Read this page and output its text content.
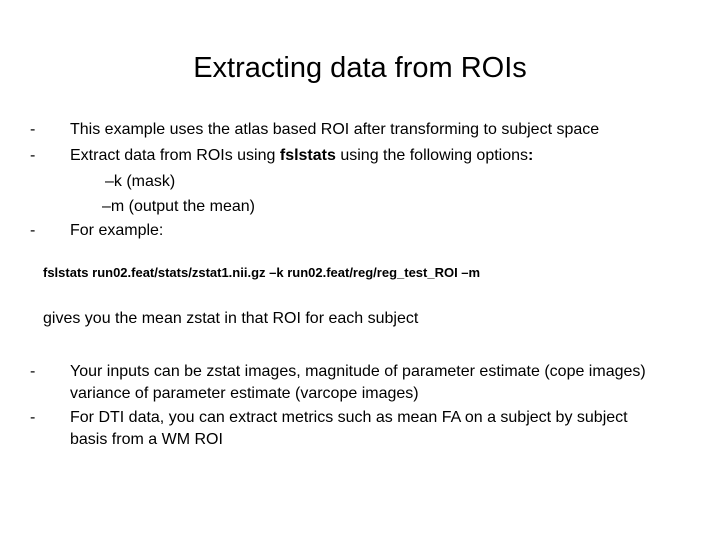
Extracting data from ROIs
-	This example uses the atlas based ROI after transforming to subject space
-	Extract data from ROIs using fslstats using the following options:
–k (mask)
–m (output the mean)
-	For example:
fslstats run02.feat/stats/zstat1.nii.gz –k run02.feat/reg/reg_test_ROI –m
gives you the mean zstat in that ROI for each subject
-	Your inputs can be zstat images, magnitude of parameter estimate (cope images) variance of parameter estimate (varcope images)
-	For DTI data, you can extract metrics such as mean FA on a subject by subject basis from a WM ROI
